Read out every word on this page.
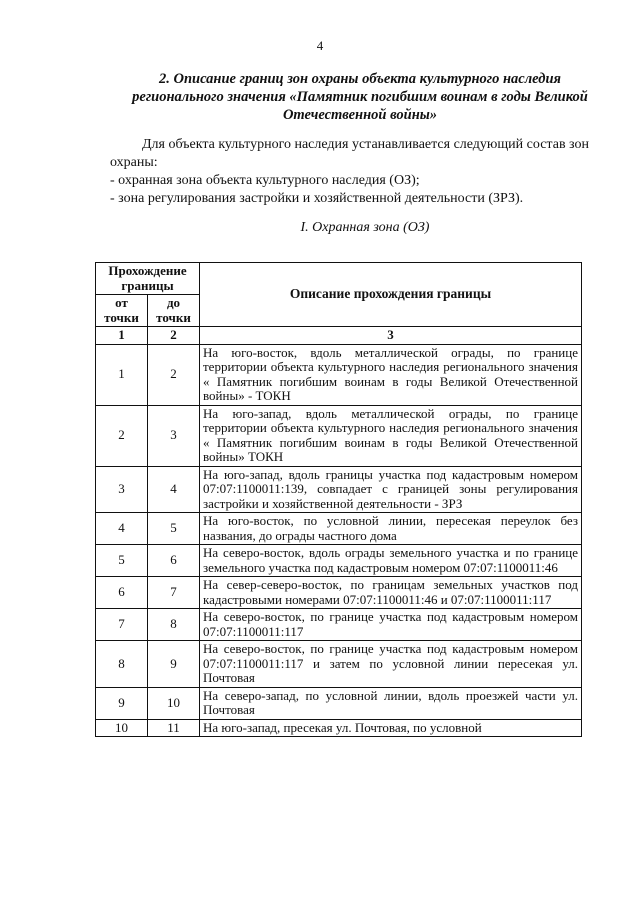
4
2. Описание границ зон охраны объекта культурного наследия регионального значения «Памятник погибшим воинам в годы Великой Отечественной войны»

Для объекта культурного наследия устанавливается следующий состав зон охраны:

- охранная зона объекта культурного наследия (ОЗ);

- зона регулирования застройки и хозяйственной деятельности (ЗРЗ).

I. Охранная зона (ОЗ)
Прохождение границы		Описание прохождения границы
от точки	до точки	
1	2	3
1	2	На юго-восток, вдоль металлической ограды, по границе территории объекта культурного наследия регионального значения « Памятник погибшим воинам в годы Великой Отечественной войны» - ТОКН
2	3	На юго-запад, вдоль металлической ограды, по границе территории объекта культурного наследия регионального значения « Памятник погибшим воинам в годы Великой Отечественной войны» ТОКН
3	4	На юго-запад, вдоль границы участка под кадастровым номером 07:07:1100011:139, совпадает с границей зоны регулирования застройки и хозяйственной деятельности - ЗРЗ
4	5	На юго-восток, по условной линии, пересекая переулок без названия, до ограды частного дома
5	6	На северо-восток, вдоль ограды земельного участка и по границе земельного участка под кадастровым номером 07:07:1100011:46
6	7	На север-северо-восток, по границам земельных участков под кадастровыми номерами 07:07:1100011:46 и 07:07:1100011:117
7	8	На северо-восток, по границе участка под кадастровым номером 07:07:1100011:117
8	9	На северо-восток, по границе участка под кадастровым номером 07:07:1100011:117 и затем по условной линии пересекая ул. Почтовая
9	10	На северо-запад, по условной линии, вдоль проезжей части ул. Почтовая
10	11	На юго-запад, пресекая ул. Почтовая, по условной
